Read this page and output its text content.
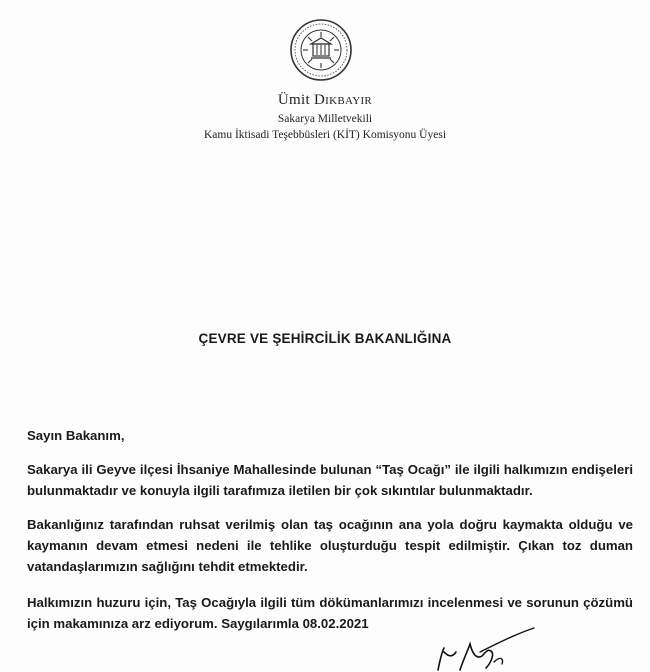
Ümit Dikbayır
Sakarya Milletvekili
Kamu İktisadi Teşebbüsleri (KİT) Komisyonu Üyesi
ÇEVRE VE ŞEHİRCİLİK BAKANLIĞINA
Sayın Bakanım,
Sakarya ili Geyve ilçesi İhsaniye Mahallesinde bulunan “Taş Ocağı” ile ilgili halkımızın endişeleri bulunmaktadır ve konuyla ilgili tarafımıza iletilen bir çok sıkıntılar bulunmaktadır.
Bakanlığınız tarafından ruhsat verilmiş olan taş ocağının ana yola doğru kaymakta olduğu ve kaymanın devam etmesi nedeni ile tehlike oluşturduğu tespit edilmiştir. Çıkan toz duman vatandaşlarımızın sağlığını tehdit etmektedir.
Halkımızın huzuru için, Taş Ocağıyla ilgili tüm dökümanlarımızı incelenmesi ve sorunun çözümü için makamınıza arz ediyorum. Saygılarımla 08.02.2021
